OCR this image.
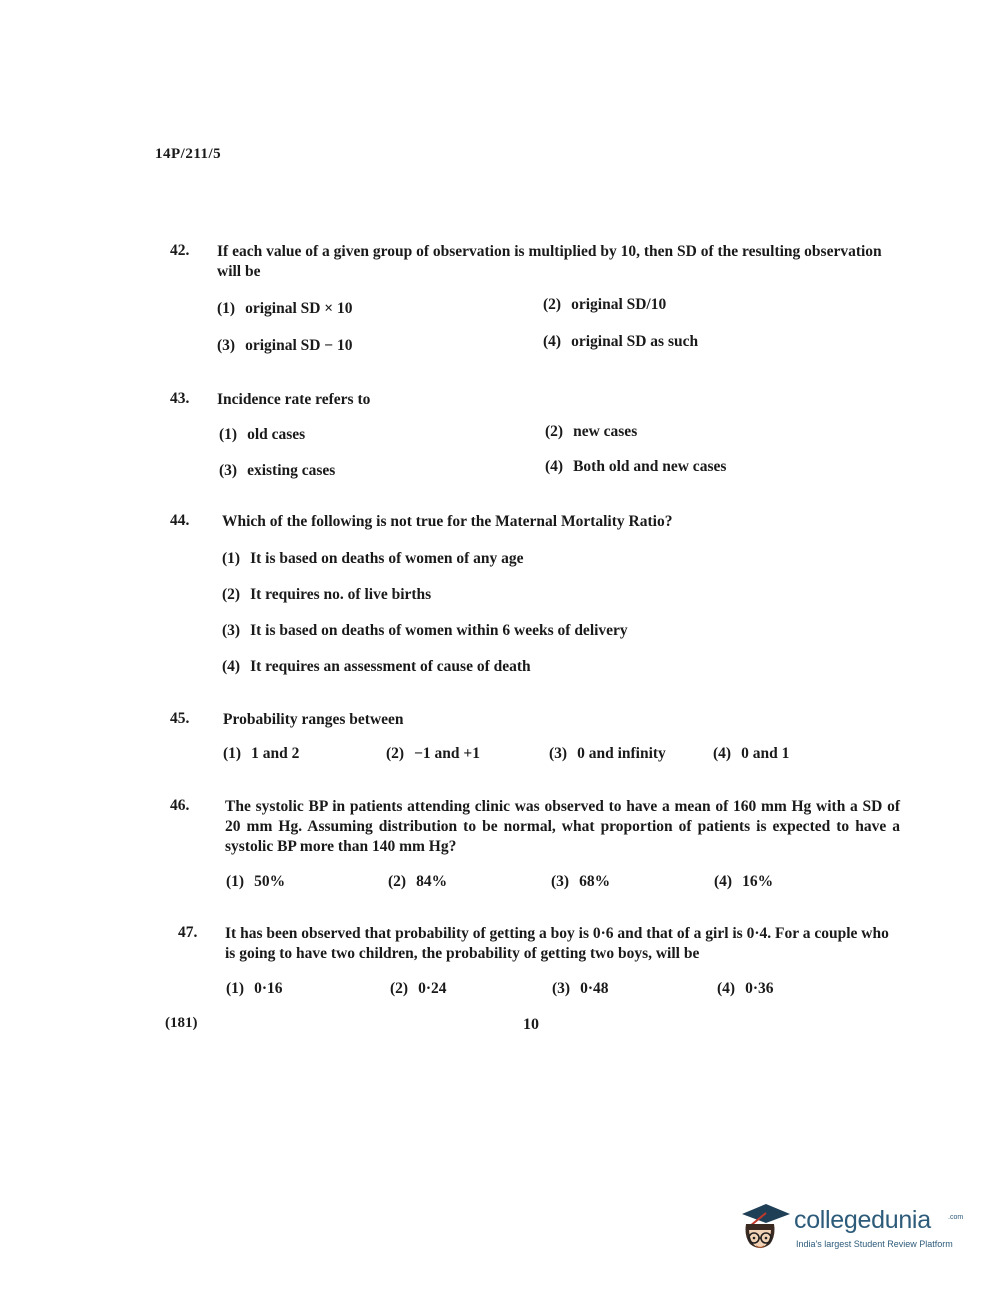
14P/211/5
42.	If each value of a given group of observation is multiplied by 10, then SD of the resulting observation will be
(1) original SD × 10	(2) original SD/10
(3) original SD − 10	(4) original SD as such
43.	Incidence rate refers to
(1) old cases	(2) new cases
(3) existing cases	(4) Both old and new cases
44.	Which of the following is not true for the Maternal Mortality Ratio?
(1) It is based on deaths of women of any age
(2) It requires no. of live births
(3) It is based on deaths of women within 6 weeks of delivery
(4) It requires an assessment of cause of death
45.	Probability ranges between
(1) 1 and 2	(2) −1 and +1	(3) 0 and infinity	(4) 0 and 1
46.	The systolic BP in patients attending clinic was observed to have a mean of 160 mm Hg with a SD of 20 mm Hg. Assuming distribution to be normal, what proportion of patients is expected to have a systolic BP more than 140 mm Hg?
(1) 50%	(2) 84%	(3) 68%	(4) 16%
47.	It has been observed that probability of getting a boy is 0·6 and that of a girl is 0·4. For a couple who is going to have two children, the probability of getting two boys, will be
(1) 0·16	(2) 0·24	(3) 0·48	(4) 0·36
(181)	10
collegedunia .com
India's largest Student Review Platform
